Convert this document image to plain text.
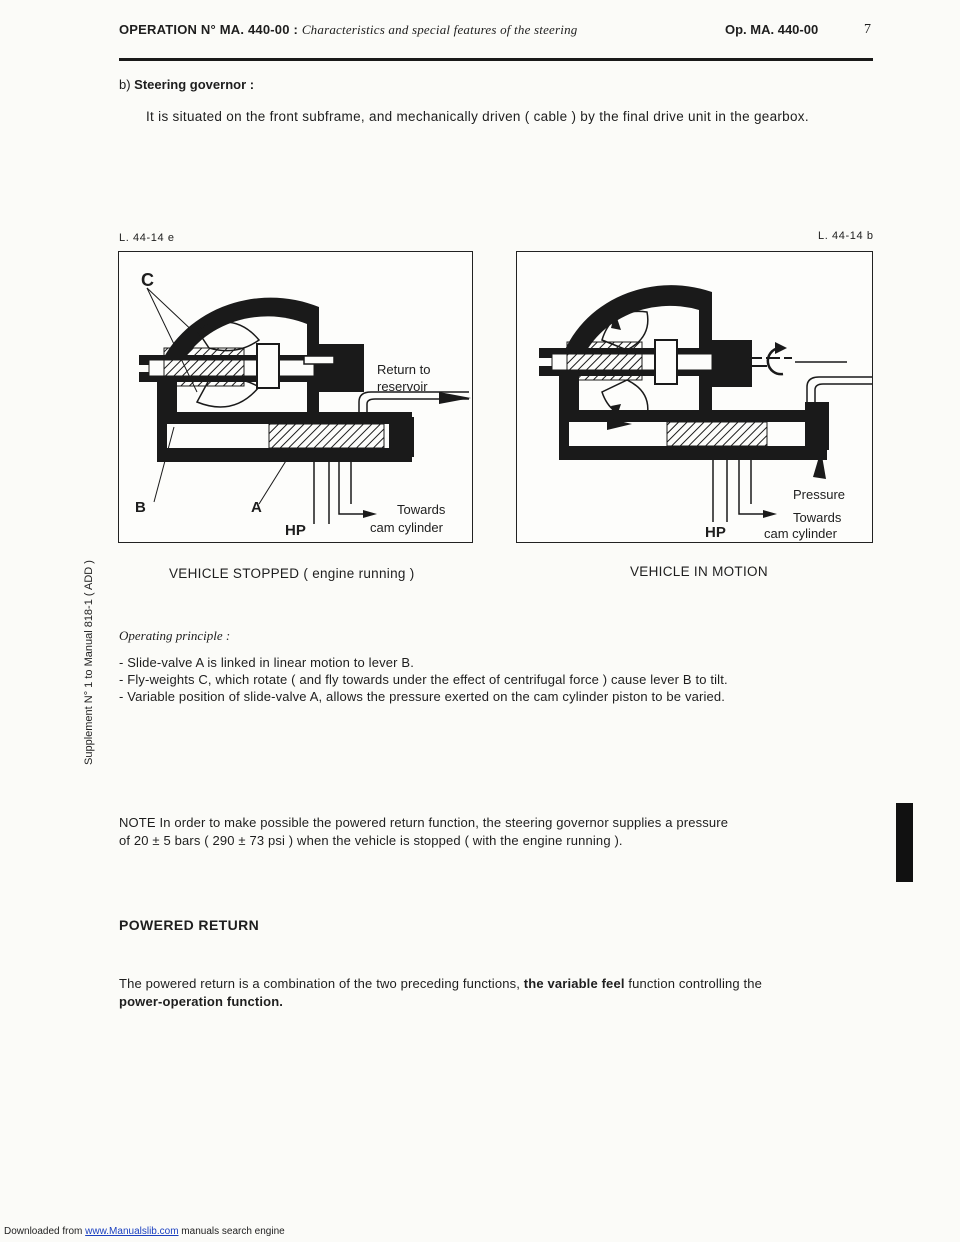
OPERATION N° MA. 440-00 : Characteristics and special features of the steering	Op. MA. 440-00	7
b) Steering governor :
It is situated on the front subframe, and mechanically driven ( cable ) by the final drive unit in the gearbox.
L. 44-14 e	L. 44-14 b
C
B	A
HP
Return to
reservoir
Towards
cam cylinder
Pressure
Towards
cam cylinder
HP
VEHICLE STOPPED ( engine running )	VEHICLE IN MOTION
Operating principle :
- Slide-valve A is linked in linear motion to lever B.
- Fly-weights C, which rotate ( and fly towards under the effect of centrifugal force ) cause lever B to tilt.
- Variable position of slide-valve A, allows the pressure exerted on the cam cylinder piston to be varied.
Supplement N° 1 to Manual 818-1 ( ADD )
NOTE In order to make possible the powered return function, the steering governor supplies a pressure
of 20 ± 5 bars ( 290 ± 73 psi ) when the vehicle is stopped ( with the engine running ).
POWERED RETURN
The powered return is a combination of the two preceding functions, the variable feel function controlling the
power-operation function.
Downloaded from www.Manualslib.com manuals search engine
